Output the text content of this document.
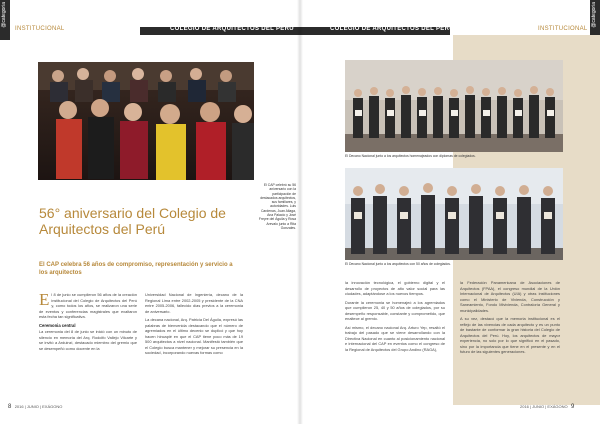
@categoria
INSTITUCIONAL	COLEGIO DE ARQUITECTOS DEL PERÚ
El CAP celebró su 56 aniversario con la participación de destacados arquitectos, sus familiares, y autoridades. Luis Cardenas, Juan Aliaga, Ana Palacio y José Freyre del Águila y Rosa Arevalo junto a Rita Gonzales.
56° aniversario del Colegio de Arquitectos del Perú
El CAP celebra 56 años de compromiso, representación y servicio a los arquitectos

El 8 de junio se cumplieron 56 años de la creación institucional del Colegio de Arquitectos del Perú y, como todos los años, se realizaron una serie de eventos y conferencias magistrales que exaltaron esta fecha tan significativa.

Ceremonia central

La ceremonia del 8 de junio se inició con un minuto de silencio en memoria del Arq. Rodolfo Vallejo Vilcarte y se invitó a Arduinzi, destacado miembro del gremio que se desempeñó como docente en la

Universidad Nacional de Ingeniería, decano de la Regional Lima entre 2002-2005 y presidente de la CNA entre 2005-2006, fallecido días previos a la ceremonia de aniversario.

La decana nacional, Arq. Patricia Del Águila, expresó las palabras de bienvenida destacando que el número de agremiados en el último decenio se duplicó y que hoy hacen hincapié en que el CAP tiene poco más de 19 500 arquitectos a nivel nacional. Manifestó también que el Colegio busca mantener y mejorar su presencia en la sociedad, incorporando nuevas formas como

8 2016 | JUNIO | EXÁGONO
COLEGIO DE ARQUITECTOS DEL PERÚ	INSTITUCIONAL
@categoria
El Decano Nacional junto a los arquitectos homenajeados con diplomas de colegiados.
El Decano Nacional junto a los arquitectos con 50 años de colegiados.

la innovación tecnológica, el gobierno digital y el desarrollo de proyectos de alto valor social para las ciudades, adaptándose a los nuevos tiempos.

Durante la ceremonia se homenajeó a los agremiados que cumplieron 25, 40 y 50 años de colegiados, por su desempeño responsable, constante y comprometido, que enaltece al gremio.

Así mismo, el decano nacional Arq. Arturo Yep, resaltó el trabajo del pasado que se viene desarrollando con la Directiva Nacional en cuanto al posicionamiento nacional e internacional del CAP en eventos como el congreso de la Regional de Arquitectos del Grupo Andino (RAGA),

la Federación Panamericana de Asociaciones de Arquitectos (FPAA), el congreso mundial de la Unión Internacional de Arquitectos (UIA) y otras instituciones como el Ministerio de Vivienda, Construcción y Saneamiento, Fondo Mivivienda, Contraloría General y municipalidades.

A su vez, destacó que la memoria institucional es el reflejo de las vivencias de cada arquitecto y es un punto de bastante de conformar la gran historia del Colegio de Arquitectos del Perú. Hoy, los arquitectos de mayor experiencia, no solo por lo que significó en el pasado, sino por la importancia que tiene en el presente y en el futuro de las siguientes generaciones.

2016 | JUNIO | EXÁGONO 9
